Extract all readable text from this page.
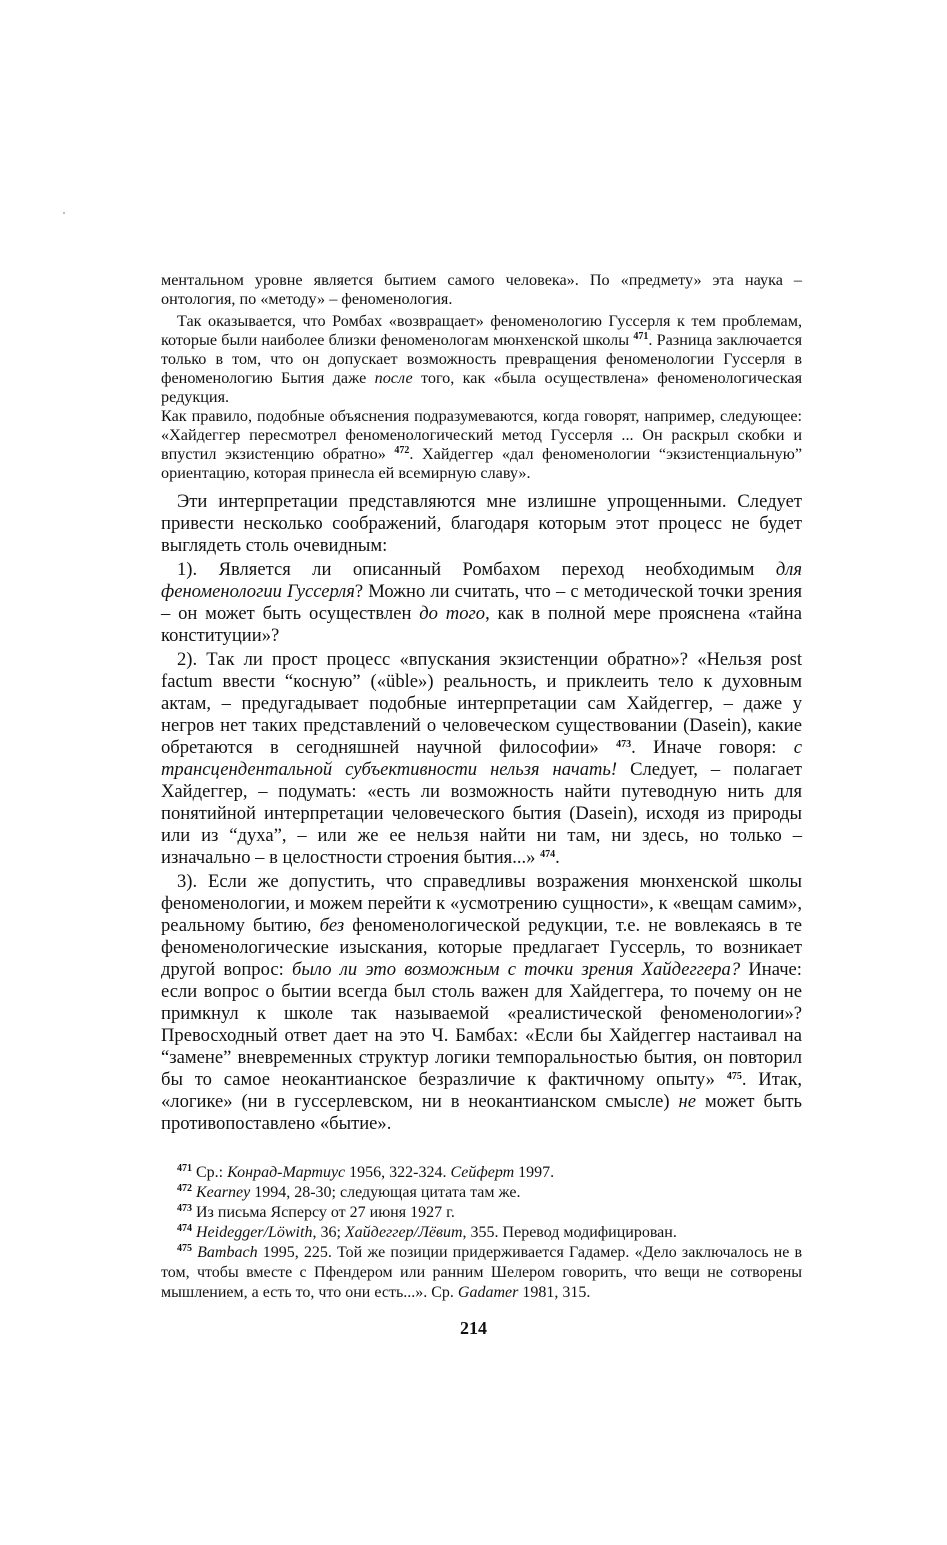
ментальном уровне является бытием самого человека». По «предмету» эта наука – онтология, по «методу» – феноменология.

Так оказывается, что Ромбах «возвращает» феноменологию Гуссерля к тем проблемам, которые были наиболее близки феноменологам мюнхенской школы $^{471}$. Разница заключается только в том, что он допускает возможность превращения феноменологии Гуссерля в феноменологию Бытия даже после того, как «была осуществлена» феноменологическая редукция.

Как правило, подобные объяснения подразумеваются, когда говорят, например, следующее: «Хайдеггер пересмотрел феноменологический метод Гуссерля ... Он раскрыл скобки и впустил экзистенцию обратно» $^{472}$. Хайдеггер «дал феноменологии “экзистенциальную” ориентацию, которая принесла ей всемирную славу».

Эти интерпретации представляются мне излишне упрощенными. Следует привести несколько соображений, благодаря которым этот процесс не будет выглядеть столь очевидным:

1). Является ли описанный Ромбахом переход необходимым для феноменологии Гуссерля? Можно ли считать, что – с методической точки зрения – он может быть осуществлен до того, как в полной мере прояснена «тайна конституции»?

2). Так ли прост процесс «впускания экзистенции обратно»? «Нельзя post factum ввести “косную” («üble») реальность, и приклеить тело к духовным актам, – предугадывает подобные интерпретации сам Хайдеггер, – даже у негров нет таких представлений о человеческом существовании (Dasein), какие обретаются в сегодняшней научной философии» $^{473}$. Иначе говоря: с трансцендентальной субъективности нельзя начать! Следует, – полагает Хайдеггер, – подумать: «есть ли возможность найти путеводную нить для понятийной интерпретации человеческого бытия (Dasein), исходя из природы или из “духа”, – или же ее нельзя найти ни там, ни здесь, но только – изначально – в целостности строения бытия...» $^{474}$.

3). Если же допустить, что справедливы возражения мюнхенской школы феноменологии, и можем перейти к «усмотрению сущности», к «вещам самим», реальному бытию, без феноменологической редукции, т.е. не вовлекаясь в те феноменологические изыскания, которые предлагает Гуссерль, то возникает другой вопрос: было ли это возможным с точки зрения Хайдеггера? Иначе: если вопрос о бытии всегда был столь важен для Хайдеггера, то почему он не примкнул к школе так называемой «реалистической феноменологии»? Превосходный ответ дает на это Ч. Бамбах: «Если бы Хайдеггер настаивал на “замене” вневременных структур логики темпоральностью бытия, он повторил бы то самое неокантианское безразличие к фактичному опыту» $^{475}$. Итак, «логике» (ни в гуссерлевском, ни в неокантианском смысле) не может быть противопоставлено «бытие».

$^{471}$ Ср.: Конрад-Мартиус 1956, 322-324. Сейферт 1997.

$^{472}$ Kearney 1994, 28-30; следующая цитата там же.

$^{473}$ Из письма Ясперсу от 27 июня 1927 г.

$^{474}$ Heidegger/Löwith, 36; Хайдеггер/Лёвит, 355. Перевод модифицирован.

$^{475}$ Bambach 1995, 225. Той же позиции придерживается Гадамер. «Дело заключалось не в том, чтобы вместе с Пфендером или ранним Шелером говорить, что вещи не сотворены мышлением, а есть то, что они есть...». Ср. Gadamer 1981, 315.

214
